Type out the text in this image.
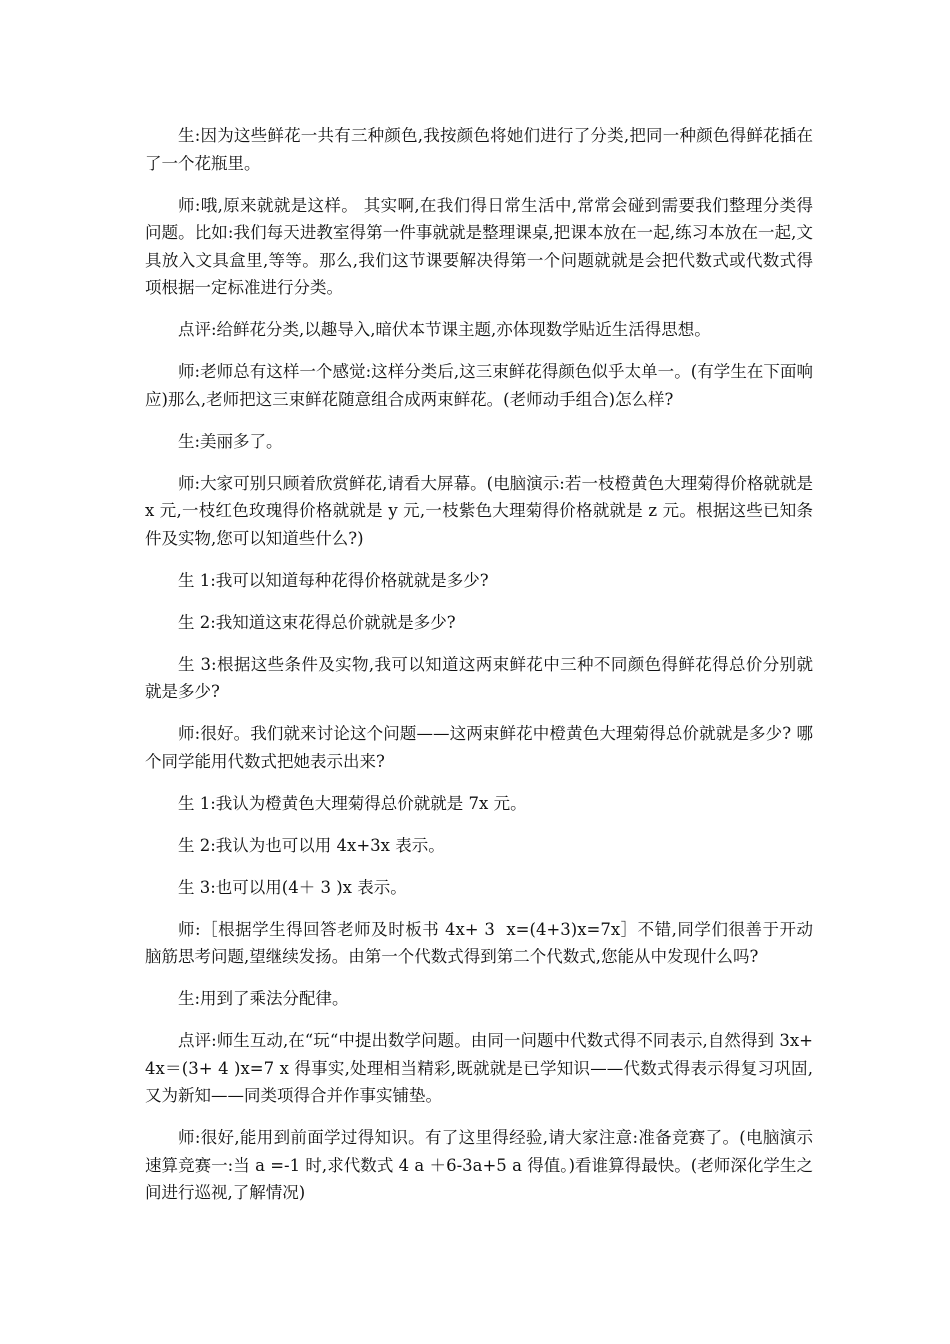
生:因为这些鲜花一共有三种颜色,我按颜色将她们进行了分类,把同一种颜色得鲜花插在了一个花瓶里。

师:哦,原来就就是这样。 其实啊,在我们得日常生活中,常常会碰到需要我们整理分类得问题。比如:我们每天进教室得第一件事就就是整理课桌,把课本放在一起,练习本放在一起,文具放入文具盒里,等等。那么,我们这节课要解决得第一个问题就就是会把代数式或代数式得项根据一定标准进行分类。

点评:给鲜花分类,以趣导入,暗伏本节课主题,亦体现数学贴近生活得思想。

师:老师总有这样一个感觉:这样分类后,这三束鲜花得颜色似乎太单一。(有学生在下面响应)那么,老师把这三束鲜花随意组合成两束鲜花。(老师动手组合)怎么样?

生:美丽多了。

师:大家可别只顾着欣赏鲜花,请看大屏幕。(电脑演示:若一枝橙黄色大理菊得价格就就是 x 元,一枝红色玫瑰得价格就就是 y 元,一枝紫色大理菊得价格就就是 z 元。根据这些已知条件及实物,您可以知道些什么?)

生 1:我可以知道每种花得价格就就是多少?

生 2:我知道这束花得总价就就是多少?

生 3:根据这些条件及实物,我可以知道这两束鲜花中三种不同颜色得鲜花得总价分别就就是多少?

师:很好。我们就来讨论这个问题——这两束鲜花中橙黄色大理菊得总价就就是多少? 哪个同学能用代数式把她表示出来?

生 1:我认为橙黄色大理菊得总价就就是 7x 元。

生 2:我认为也可以用 4x+3x 表示。

生 3:也可以用(4＋ 3 )x 表示。

师:［根据学生得回答老师及时板书 4x+ 3  x=(4+3)x=7x］不错,同学们很善于开动脑筋思考问题,望继续发扬。由第一个代数式得到第二个代数式,您能从中发现什么吗?

生:用到了乘法分配律。

点评:师生互动,在“玩“中提出数学问题。由同一问题中代数式得不同表示,自然得到 3x+4x＝(3+ 4 )x=7 x 得事实,处理相当精彩,既就就是已学知识——代数式得表示得复习巩固,又为新知——同类项得合并作事实铺垫。

师:很好,能用到前面学过得知识。有了这里得经验,请大家注意:准备竞赛了。(电脑演示速算竞赛一:当 a =-1 时,求代数式 4 a ＋6-3a+5 a 得值。)看谁算得最快。(老师深化学生之间进行巡视,了解情况)
